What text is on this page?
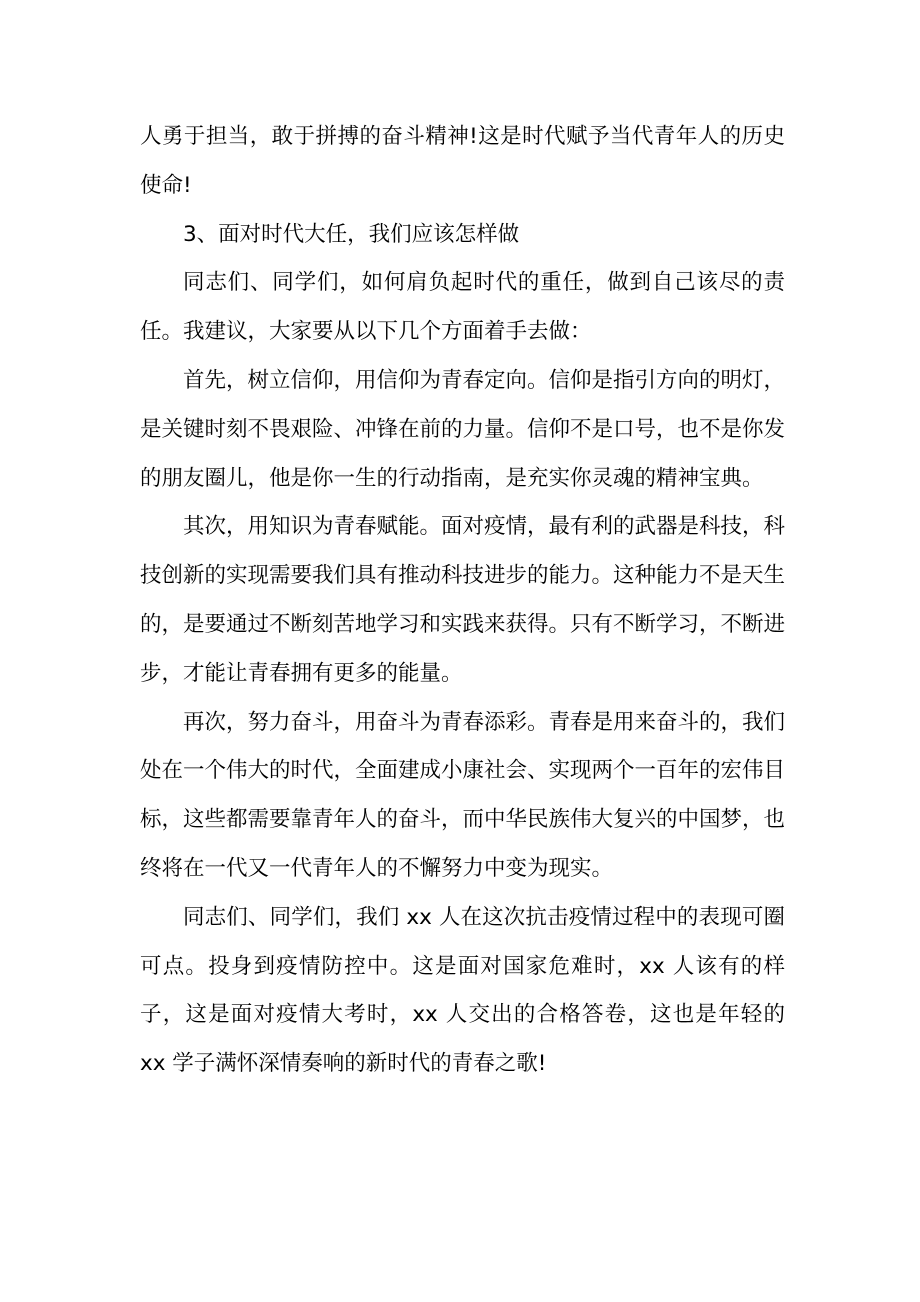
人勇于担当，敢于拼搏的奋斗精神!这是时代赋予当代青年人的历史使命!

3、面对时代大任，我们应该怎样做

同志们、同学们，如何肩负起时代的重任，做到自己该尽的责任。我建议，大家要从以下几个方面着手去做：

首先，树立信仰，用信仰为青春定向。信仰是指引方向的明灯，是关键时刻不畏艰险、冲锋在前的力量。信仰不是口号，也不是你发的朋友圈儿，他是你一生的行动指南，是充实你灵魂的精神宝典。

其次，用知识为青春赋能。面对疫情，最有利的武器是科技，科技创新的实现需要我们具有推动科技进步的能力。这种能力不是天生的，是要通过不断刻苦地学习和实践来获得。只有不断学习，不断进步，才能让青春拥有更多的能量。

再次，努力奋斗，用奋斗为青春添彩。青春是用来奋斗的，我们处在一个伟大的时代，全面建成小康社会、实现两个一百年的宏伟目标，这些都需要靠青年人的奋斗，而中华民族伟大复兴的中国梦，也终将在一代又一代青年人的不懈努力中变为现实。

同志们、同学们，我们 xx 人在这次抗击疫情过程中的表现可圈可点。投身到疫情防控中。这是面对国家危难时，xx 人该有的样子，这是面对疫情大考时，xx 人交出的合格答卷，这也是年轻的 xx 学子满怀深情奏响的新时代的青春之歌!
